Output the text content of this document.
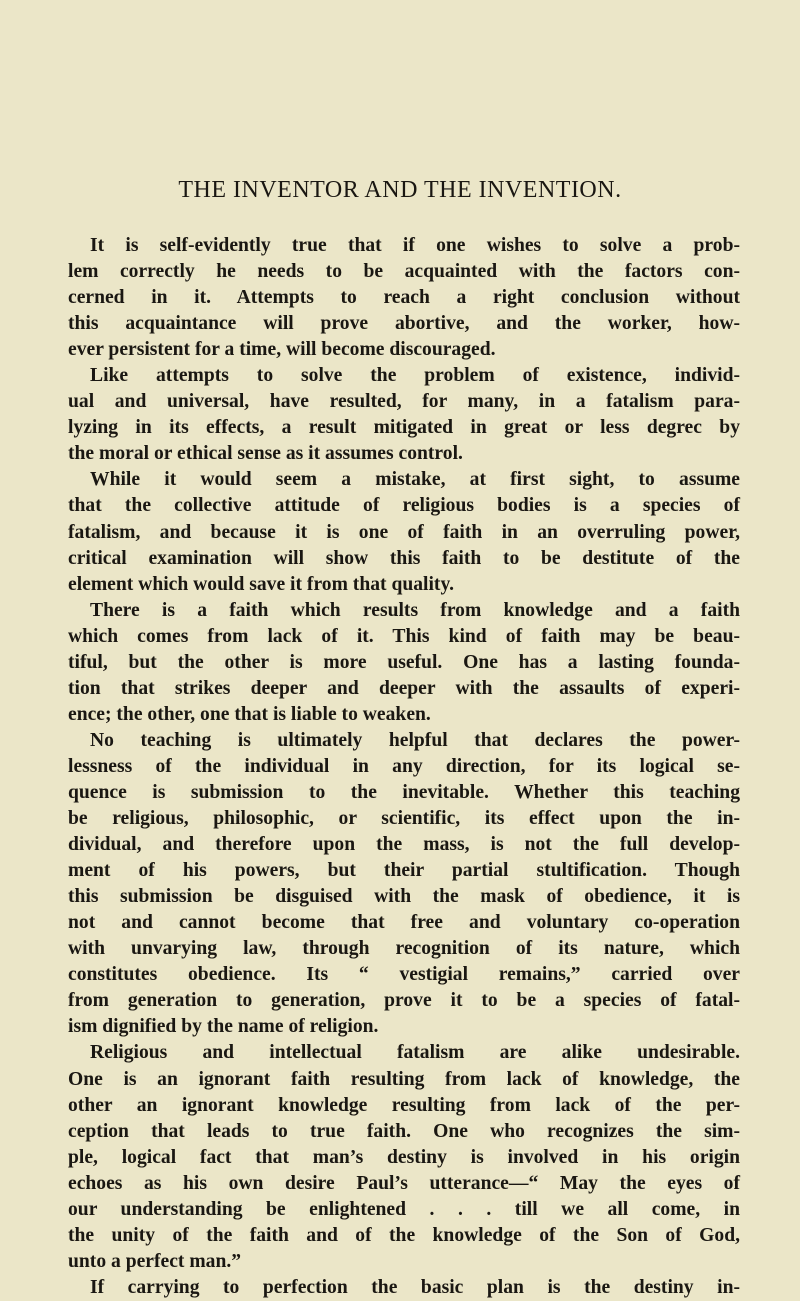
THE INVENTOR AND THE INVENTION.
It is self-evidently true that if one wishes to solve a prob-
lem correctly he needs to be acquainted with the factors con-
cerned in it. Attempts to reach a right conclusion without
this acquaintance will prove abortive, and the worker, how-
ever persistent for a time, will become discouraged.
Like attempts to solve the problem of existence, individ-
ual and universal, have resulted, for many, in a fatalism para-
lyzing in its effects, a result mitigated in great or less degrec by
the moral or ethical sense as it assumes control.
While it would seem a mistake, at first sight, to assume
that the collective attitude of religious bodies is a species of
fatalism, and because it is one of faith in an overruling power,
critical examination will show this faith to be destitute of the
element which would save it from that quality.
There is a faith which results from knowledge and a faith
which comes from lack of it. This kind of faith may be beau-
tiful, but the other is more useful. One has a lasting founda-
tion that strikes deeper and deeper with the assaults of experi-
ence; the other, one that is liable to weaken.
No teaching is ultimately helpful that declares the power-
lessness of the individual in any direction, for its logical se-
quence is submission to the inevitable. Whether this teaching
be religious, philosophic, or scientific, its effect upon the in-
dividual, and therefore upon the mass, is not the full develop-
ment of his powers, but their partial stultification. Though
this submission be disguised with the mask of obedience, it is
not and cannot become that free and voluntary co-operation
with unvarying law, through recognition of its nature, which
constitutes obedience. Its “ vestigial remains,” carried over
from generation to generation, prove it to be a species of fatal-
ism dignified by the name of religion.
Religious and intellectual fatalism are alike undesirable.
One is an ignorant faith resulting from lack of knowledge, the
other an ignorant knowledge resulting from lack of the per-
ception that leads to true faith. One who recognizes the sim-
ple, logical fact that man’s destiny is involved in his origin
echoes as his own desire Paul’s utterance—“ May the eyes of
our understanding be enlightened . . . till we all come, in
the unity of the faith and of the knowledge of the Son of God,
unto a perfect man.”
If carrying to perfection the basic plan is the destiny in-
